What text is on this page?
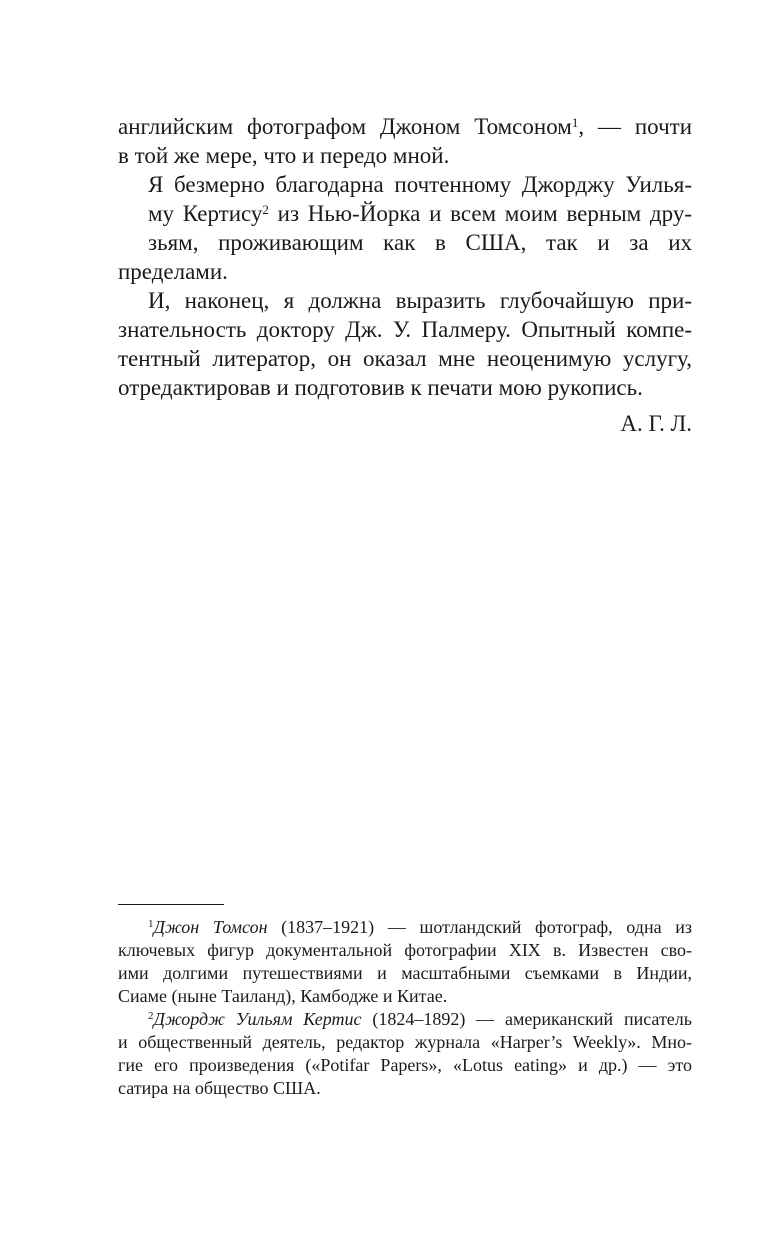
английским фотографом Джоном Томсоном$^1$, — почти
в той же мере, что и передо мной.

Я безмерно благодарна почтенному Джорджу Уилья-
му Кертису$^2$ из Нью-Йорка и всем моим верным дру-
зьям, проживающим как в США, так и за их пределами.

И, наконец, я должна выразить глубочайшую при-
знательность доктору Дж. У. Палмеру. Опытный компе-
тентный литератор, он оказал мне неоценимую услугу,
отредактировав и подготовив к печати мою рукопись.

А. Г. Л.

$^1$Джон Томсон (1837–1921) — шотландский фотограф, одна из
ключевых фигур документальной фотографии XIX в. Известен сво-
ими долгими путешествиями и масштабными съемками в Индии,
Сиаме (ныне Таиланд), Камбодже и Китае.

$^2$Джордж Уильям Кертис (1824–1892) — американский писатель
и общественный деятель, редактор журнала «Harper’s Weekly». Мно-
гие его произведения («Potifar Papers», «Lotus eating» и др.) — это
сатира на общество США.
